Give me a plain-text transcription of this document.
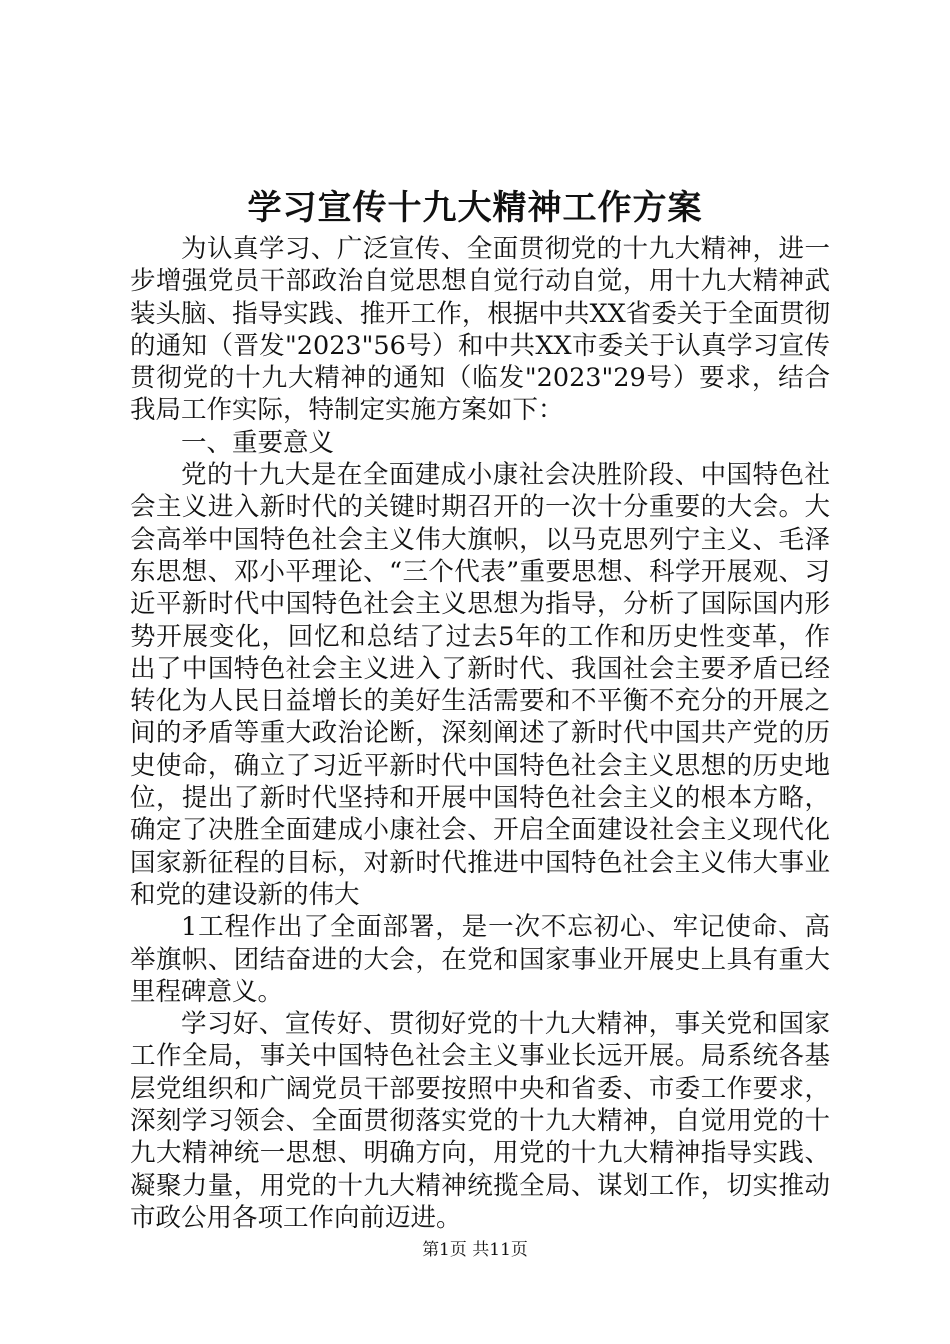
学习宣传十九大精神工作方案

为认真学习、广泛宣传、全面贯彻党的十九大精神，进一步增强党员干部政治自觉思想自觉行动自觉，用十九大精神武装头脑、指导实践、推开工作，根据中共XX省委关于全面贯彻的通知（晋发"2023"56号）和中共XX市委关于认真学习宣传贯彻党的十九大精神的通知（临发"2023"29号）要求，结合我局工作实际，特制定实施方案如下：

一、重要意义

党的十九大是在全面建成小康社会决胜阶段、中国特色社会主义进入新时代的关键时期召开的一次十分重要的大会。大会高举中国特色社会主义伟大旗帜，以马克思列宁主义、毛泽东思想、邓小平理论、“三个代表”重要思想、科学开展观、习近平新时代中国特色社会主义思想为指导，分析了国际国内形势开展变化，回忆和总结了过去5年的工作和历史性变革，作出了中国特色社会主义进入了新时代、我国社会主要矛盾已经转化为人民日益增长的美好生活需要和不平衡不充分的开展之间的矛盾等重大政治论断，深刻阐述了新时代中国共产党的历史使命，确立了习近平新时代中国特色社会主义思想的历史地位，提出了新时代坚持和开展中国特色社会主义的根本方略，确定了决胜全面建成小康社会、开启全面建设社会主义现代化国家新征程的目标，对新时代推进中国特色社会主义伟大事业和党的建设新的伟大

1工程作出了全面部署，是一次不忘初心、牢记使命、高举旗帜、团结奋进的大会，在党和国家事业开展史上具有重大里程碑意义。

学习好、宣传好、贯彻好党的十九大精神，事关党和国家工作全局，事关中国特色社会主义事业长远开展。局系统各基层党组织和广阔党员干部要按照中央和省委、市委工作要求，深刻学习领会、全面贯彻落实党的十九大精神，自觉用党的十九大精神统一思想、明确方向，用党的十九大精神指导实践、凝聚力量，用党的十九大精神统揽全局、谋划工作，切实推动市政公用各项工作向前迈进。

第1页 共11页
